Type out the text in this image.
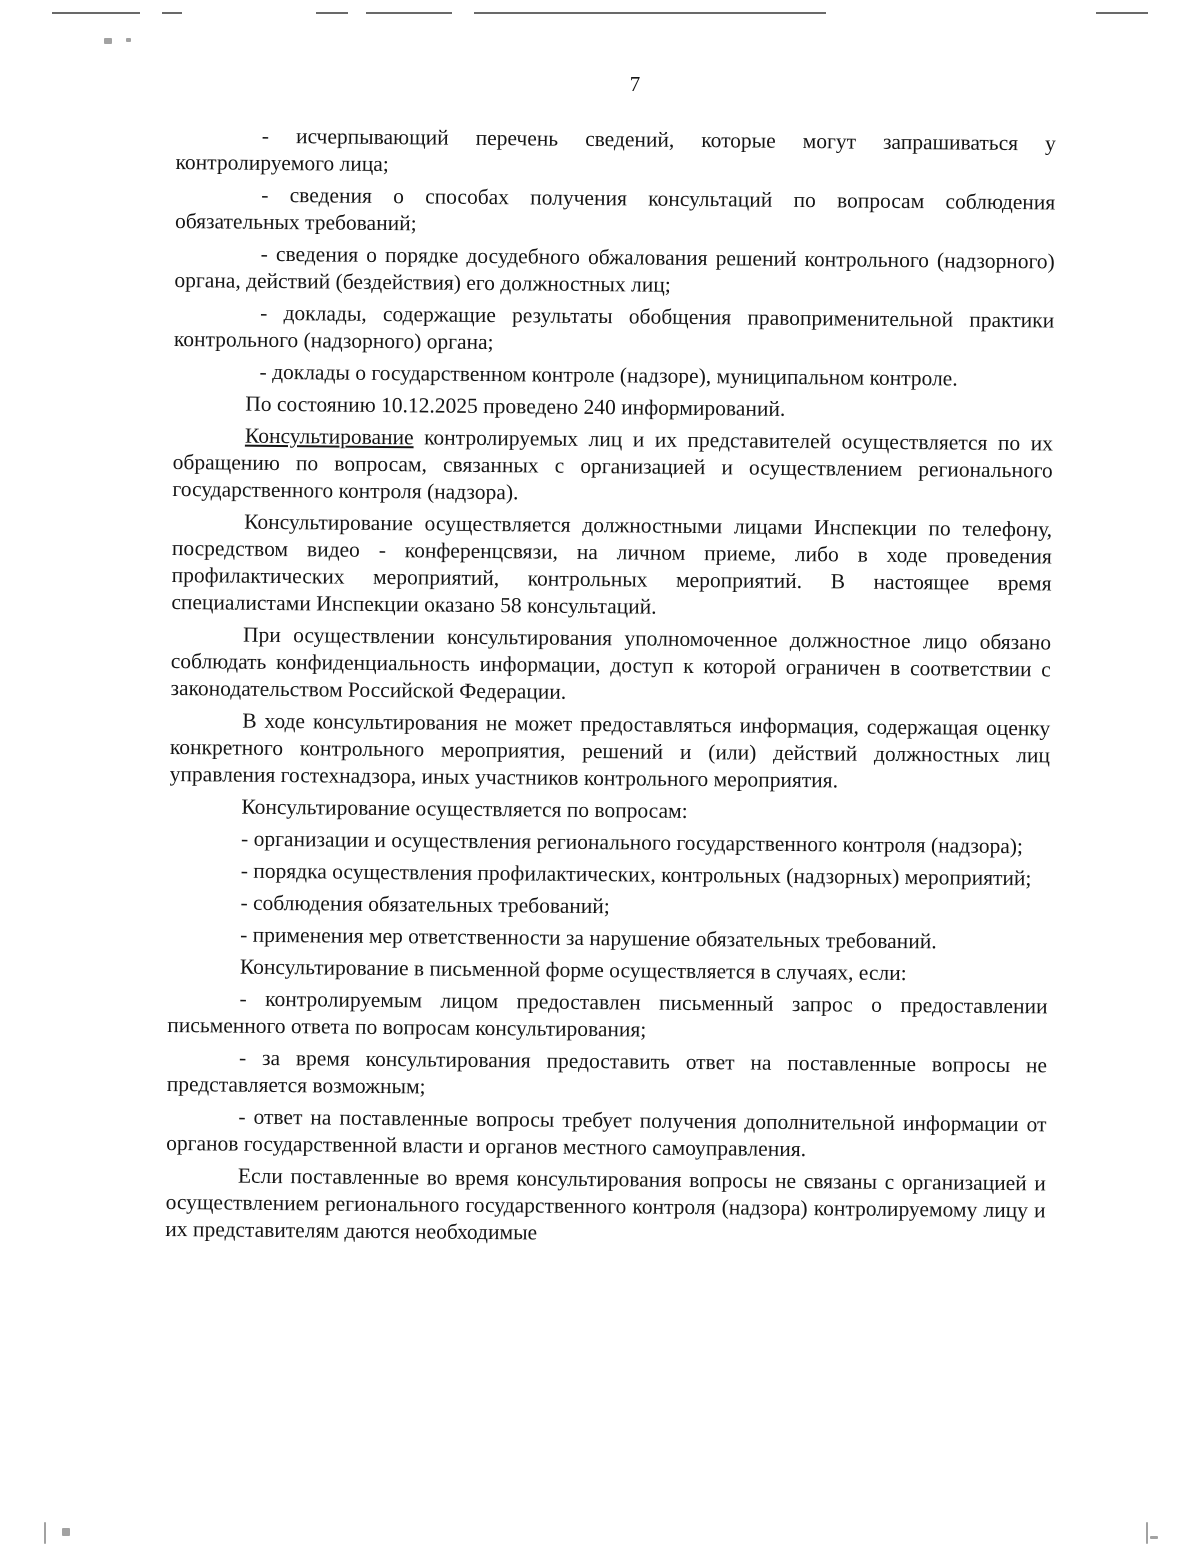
7

- исчерпывающий перечень сведений, которые могут запрашиваться у контролируемого лица;

- сведения о способах получения консультаций по вопросам соблюдения обязательных требований;

- сведения о порядке досудебного обжалования решений контрольного (надзорного) органа, действий (бездействия) его должностных лиц;

- доклады, содержащие результаты обобщения правоприменительной практики контрольного (надзорного) органа;

- доклады о государственном контроле (надзоре), муниципальном контроле.

По состоянию 10.12.2025 проведено 240 информирований.

Консультирование контролируемых лиц и их представителей осуществляется по их обращению по вопросам, связанных с организацией и осуществлением регионального государственного контроля (надзора).

Консультирование осуществляется должностными лицами Инспекции по телефону, посредством видео - конференцсвязи, на личном приеме, либо в ходе проведения профилактических мероприятий, контрольных мероприятий. В настоящее время специалистами Инспекции оказано 58 консультаций.

При осуществлении консультирования уполномоченное должностное лицо обязано соблюдать конфиденциальность информации, доступ к которой ограничен в соответствии с законодательством Российской Федерации.

В ходе консультирования не может предоставляться информация, содержащая оценку конкретного контрольного мероприятия, решений и (или) действий должностных лиц управления гостехнадзора, иных участников контрольного мероприятия.

Консультирование осуществляется по вопросам:

- организации и осуществления регионального государственного контроля (надзора);

- порядка осуществления профилактических, контрольных (надзорных) мероприятий;

- соблюдения обязательных требований;

- применения мер ответственности за нарушение обязательных требований.

Консультирование в письменной форме осуществляется в случаях, если:

- контролируемым лицом предоставлен письменный запрос о предоставлении письменного ответа по вопросам консультирования;

- за время консультирования предоставить ответ на поставленные вопросы не представляется возможным;

- ответ на поставленные вопросы требует получения дополнительной информации от органов государственной власти и органов местного самоуправления.

Если поставленные во время консультирования вопросы не связаны с организацией и осуществлением регионального государственного контроля (надзора) контролируемому лицу и их представителям даются необходимые
